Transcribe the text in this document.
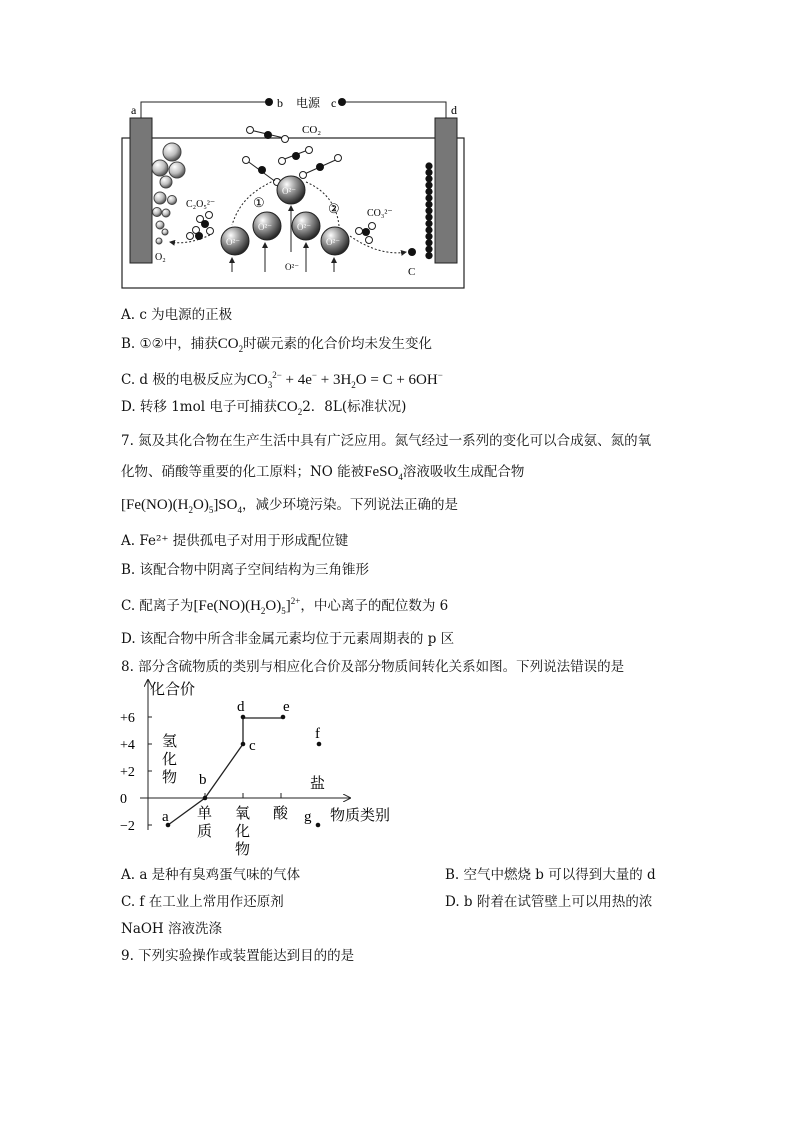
a	b 电源 c	d
CO₂
O²⁻
O²⁻
O²⁻	O²⁻
O²⁻
O²⁻
①	②
C₂O₅²⁻
CO₃²⁻
C
O₂
A. c 为电源的正极
B. ①②中，捕获$CO_2$时碳元素的化合价均未发生变化
C. d 极的电极反应为$CO_3^{2-} + 4e^- + 3H_2O = C + 6OH^-$
D. 转移 1mol 电子可捕获$CO_22$．8L(标准状况)
7. 氮及其化合物在生产生活中具有广泛应用。氮气经过一系列的变化可以合成氨、氮的氧
化物、硝酸等重要的化工原料；NO 能被FeSO$_4$溶液吸收生成配合物
$[Fe(NO)(H_2O)_5]SO_4$，减少环境污染。下列说法正确的是
A. Fe²⁺ 提供孤电子对用于形成配位键
B. 该配合物中阴离子空间结构为三角锥形
C. 配离子为$[Fe(NO)(H_2O)_5]^{2+}$，中心离子的配位数为 6
D. 该配合物中所含非金属元素均位于元素周期表的 p 区
8. 部分含硫物质的类别与相应化合价及部分物质间转化关系如图。下列说法错误的是
化合价
物质类别
+6
+4
+2
0
−2
氢
化
物
单
质
氧
化
物
酸
盐
a
b
c
d	e
f
g
A. a 是种有臭鸡蛋气味的气体	B. 空气中燃烧 b 可以得到大量的 d
C. f 在工业上常用作还原剂	D. b 附着在试管壁上可以用热的浓
NaOH 溶液洗涤
9. 下列实验操作或装置能达到目的的是
